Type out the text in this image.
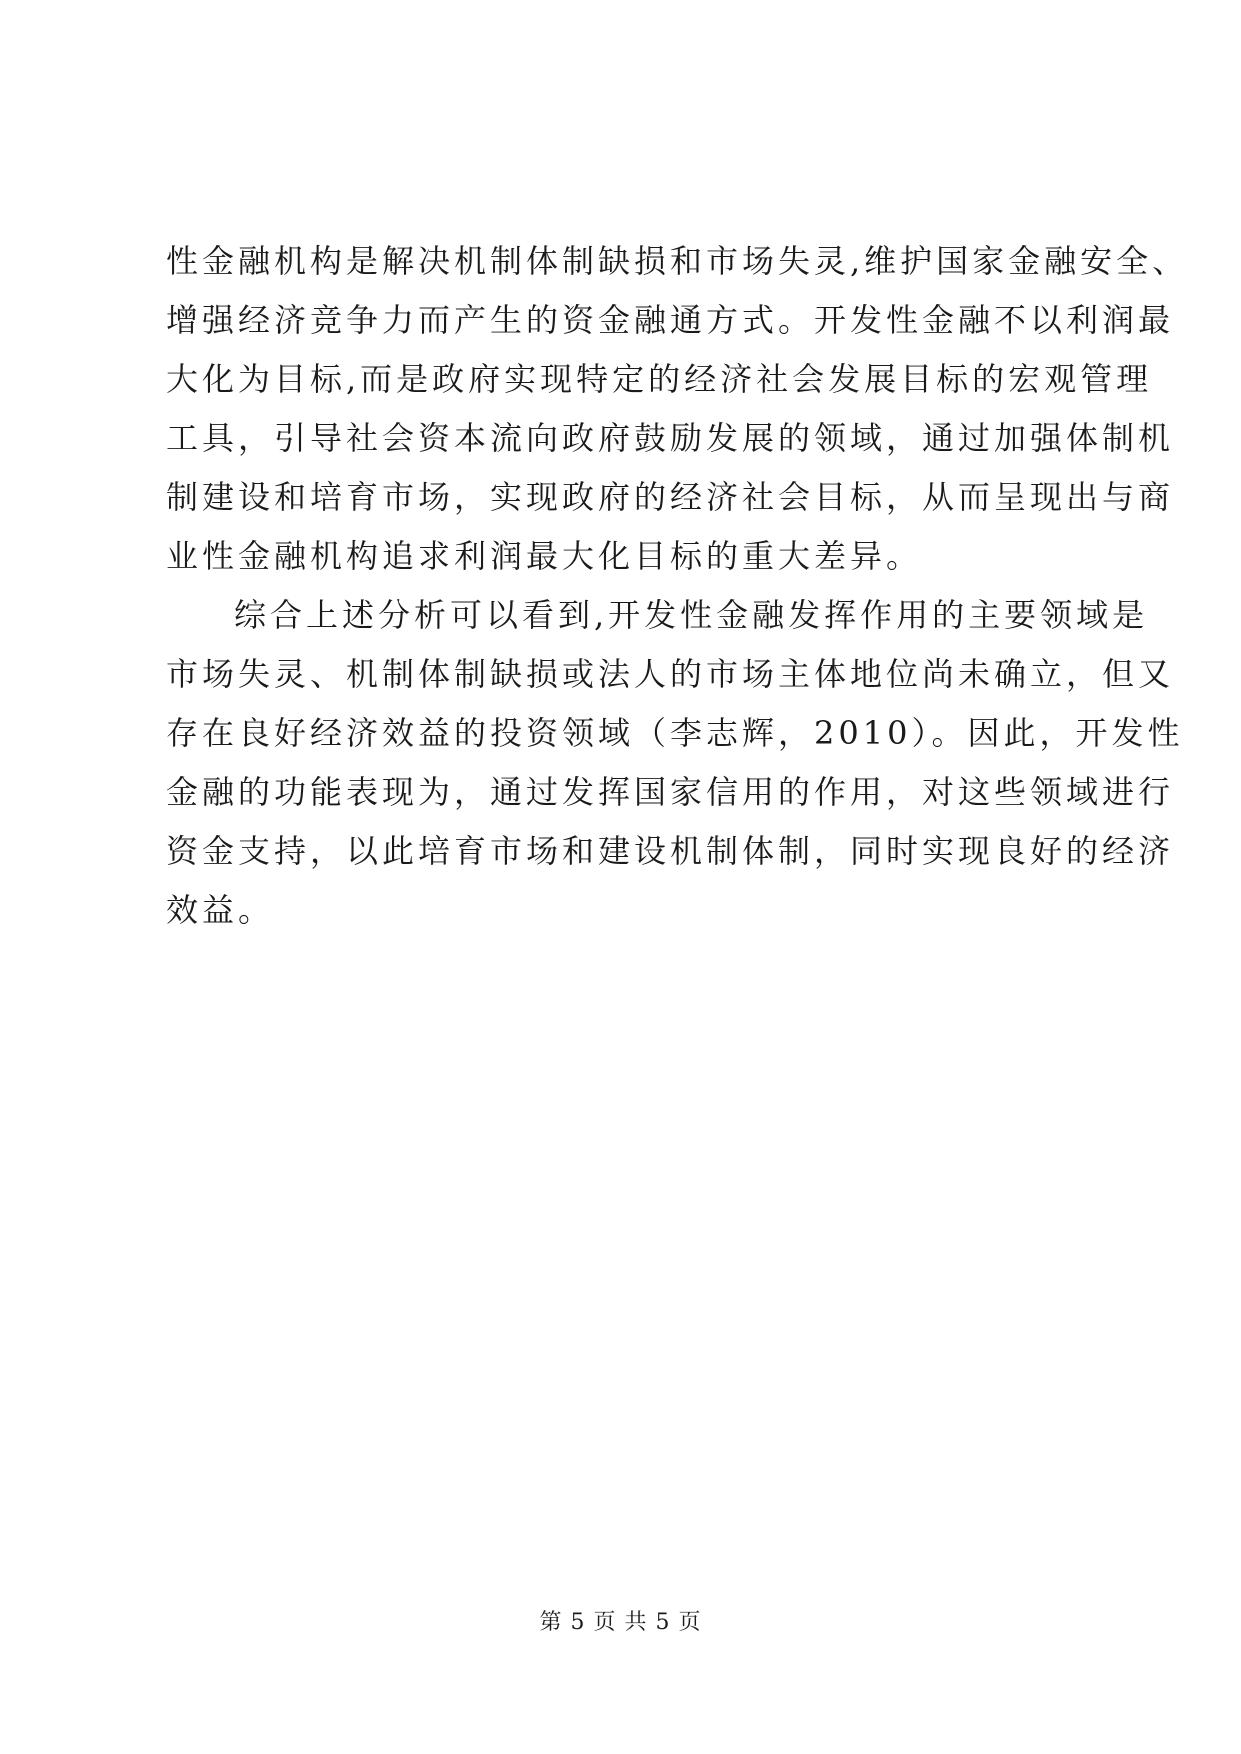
性金融机构是解决机制体制缺损和市场失灵,维护国家金融安全、
增强经济竞争力而产生的资金融通方式。开发性金融不以利润最
大化为目标,而是政府实现特定的经济社会发展目标的宏观管理
工具，引导社会资本流向政府鼓励发展的领域，通过加强体制机
制建设和培育市场，实现政府的经济社会目标，从而呈现出与商
业性金融机构追求利润最大化目标的重大差异。
综合上述分析可以看到,开发性金融发挥作用的主要领域是
市场失灵、机制体制缺损或法人的市场主体地位尚未确立，但又
存在良好经济效益的投资领域（李志辉，2010）。因此，开发性
金融的功能表现为，通过发挥国家信用的作用，对这些领域进行
资金支持，以此培育市场和建设机制体制，同时实现良好的经济
效益。
第 5 页 共 5 页
